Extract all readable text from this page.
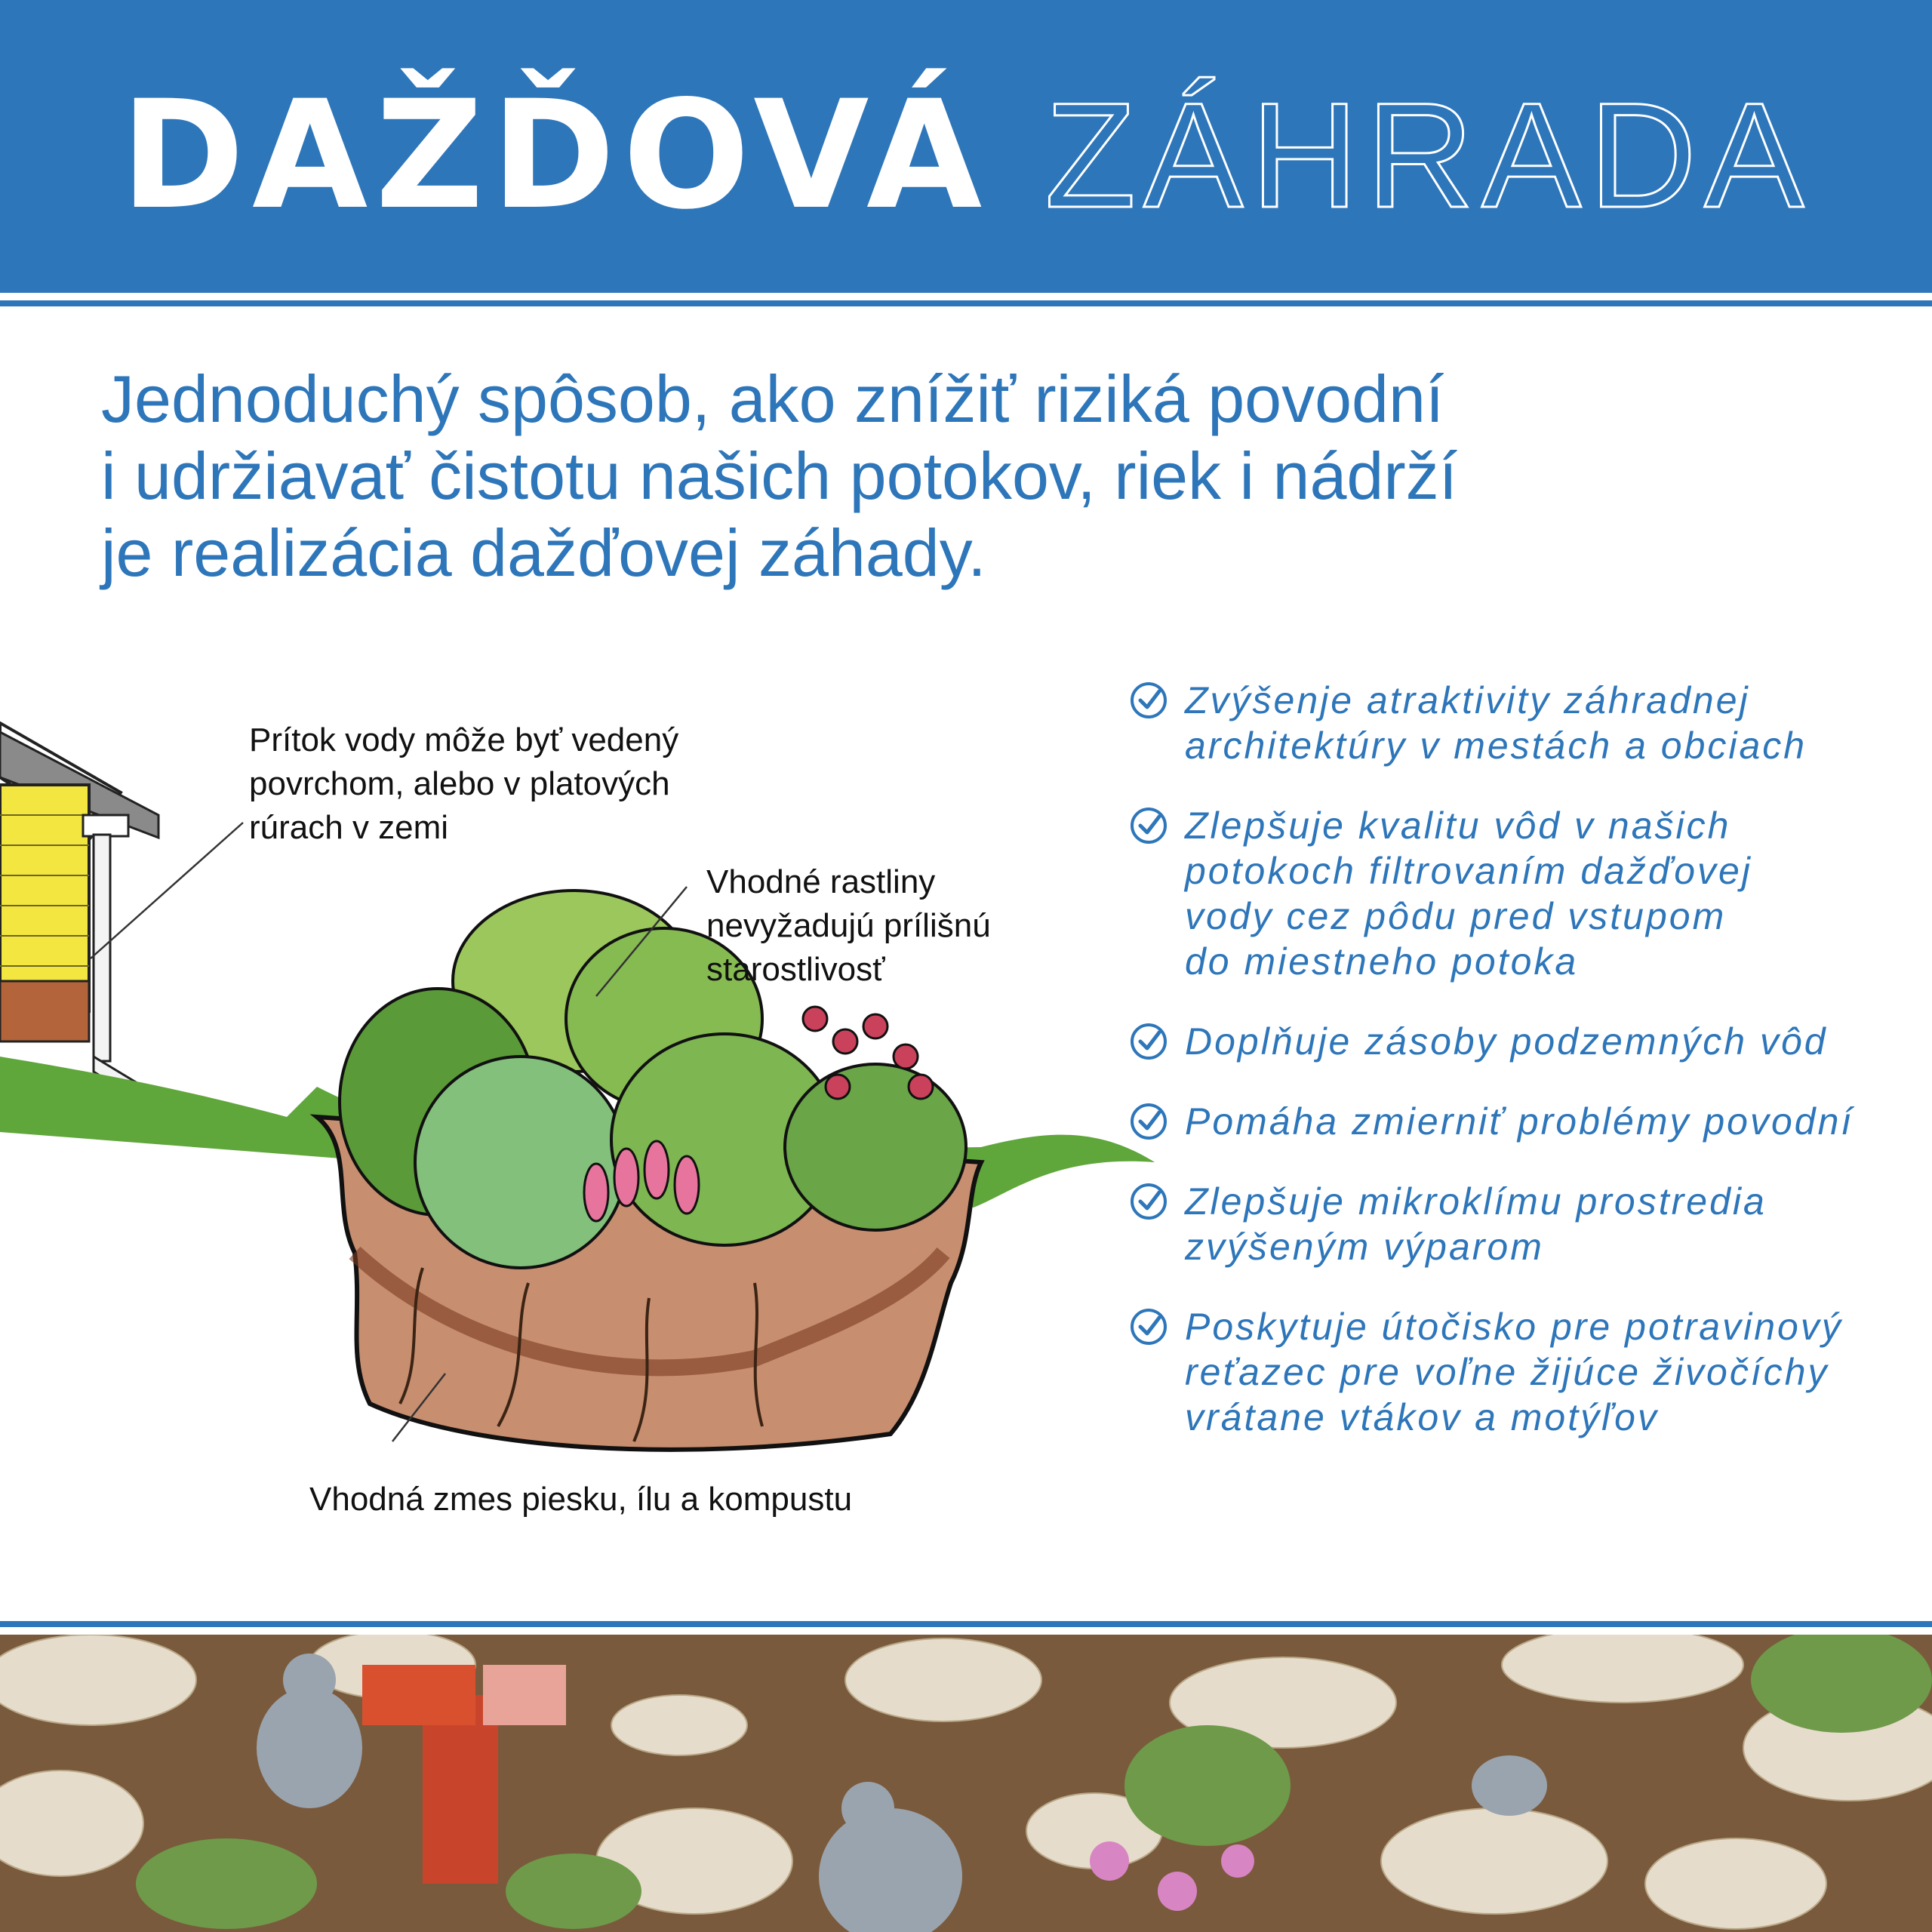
DAŽĎOVÁ ZÁHRADA
Jednoduchý spôsob, ako znížiť riziká povodní
i udržiavať čistotu našich potokov, riek i nádrží
je realizácia dažďovej záhady.
Prítok vody môže byť vedený
povrchom, alebo v platových
rúrach v zemi
Vhodné rastliny
nevyžadujú prílišnú
starostlivosť
Vhodná zmes piesku, ílu a kompustu
Zvýšenje atraktivity záhradnej
architektúry v mestách a obciach
Zlepšuje kvalitu vôd v našich
potokoch filtrovaním dažďovej
vody cez pôdu pred vstupom
do miestneho potoka
Doplňuje zásoby podzemných vôd
Pomáha zmierniť problémy povodní
Zlepšuje mikroklímu prostredia
zvýšeným výparom
Poskytuje útočisko pre potravinový
reťazec pre voľne žijúce živočíchy
vrátane vtákov a motýľov
